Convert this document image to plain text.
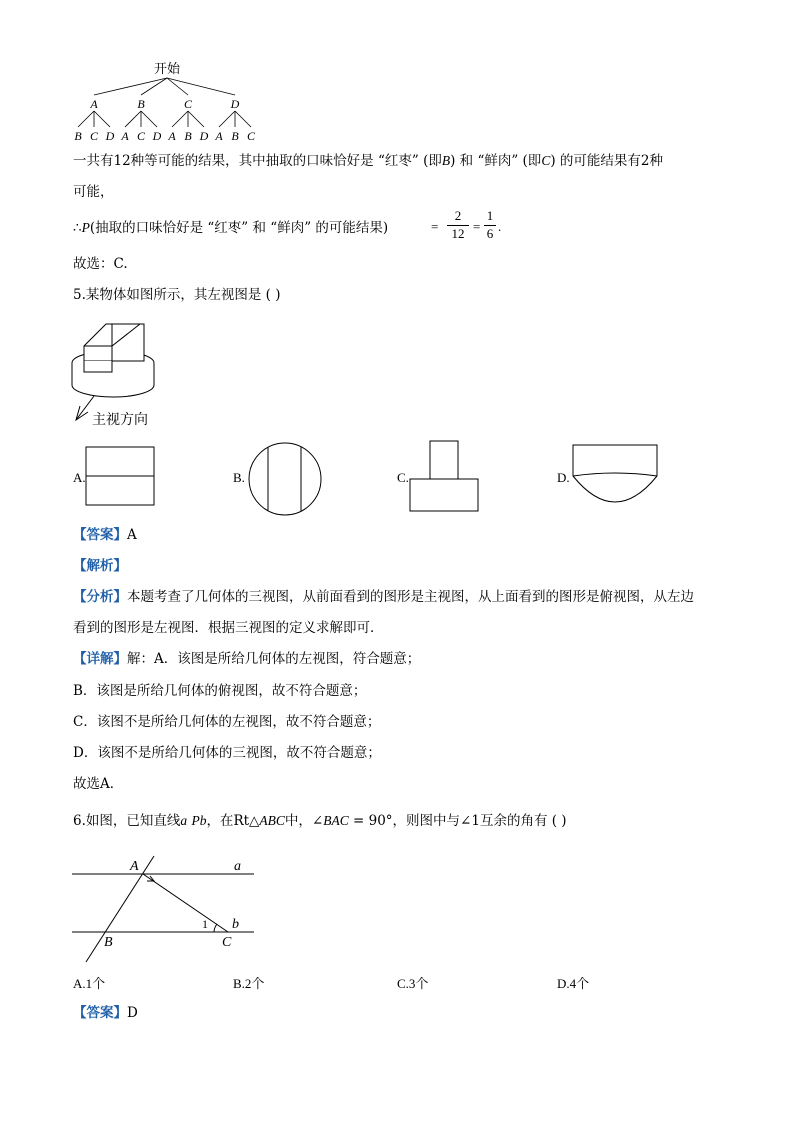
开始
A	B	C	D
B C D A C D A B D A B C
一共有12种等可能的结果，其中抽取的口味恰好是 “红枣” (即B) 和 “鲜肉” (即C) 的可能结果有2种
可能，
∴P(抽取的口味恰好是 “红枣” 和 “鲜肉” 的可能结果)	= $\frac{2}{12} = \frac{1}{6}$ .
故选：C.
5.某物体如图所示，其左视图是 ( )
主视方向
A.	B.	C.	D.
【答案】A
【解析】
【分析】本题考查了几何体的三视图，从前面看到的图形是主视图，从上面看到的图形是俯视图，从左边
看到的图形是左视图．根据三视图的定义求解即可．
【详解】解：A．该图是所给几何体的左视图，符合题意；
B．该图是所给几何体的俯视图，故不符合题意；
C．该图不是所给几何体的左视图，故不符合题意；
D．该图不是所给几何体的三视图，故不符合题意；
故选A．
6.如图，已知直线a Pb，在Rt△ABC中，∠BAC = 90°，则图中与∠1互余的角有 ( )
A	a
B	C
b
1
A.1个	B.2个	C.3个	D.4个
【答案】D
